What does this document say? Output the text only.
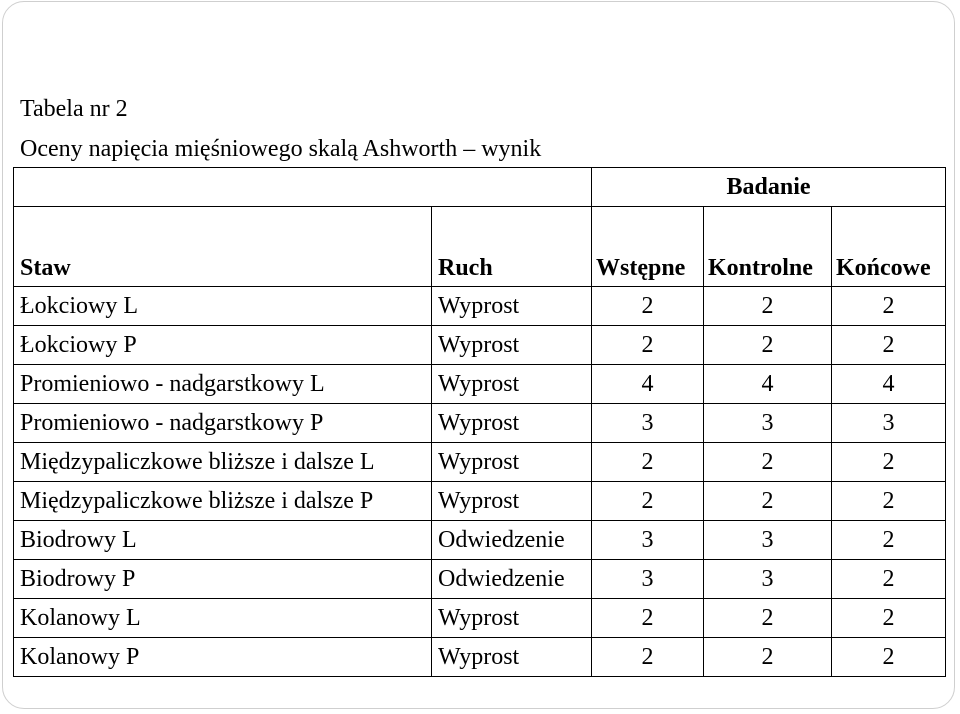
Tabela nr 2
Oceny napięcia mięśniowego skalą Ashworth – wynik
		Badanie		
Staw	Ruch	Wstępne	Kontrolne	Końcowe
Łokciowy L	Wyprost	2	2	2
Łokciowy P	Wyprost	2	2	2
Promieniowo - nadgarstkowy L	Wyprost	4	4	4
Promieniowo - nadgarstkowy P	Wyprost	3	3	3
Międzypaliczkowe bliższe i dalsze L	Wyprost	2	2	2
Międzypaliczkowe bliższe i dalsze P	Wyprost	2	2	2
Biodrowy L	Odwiedzenie	3	3	2
Biodrowy P	Odwiedzenie	3	3	2
Kolanowy L	Wyprost	2	2	2
Kolanowy P	Wyprost	2	2	2
